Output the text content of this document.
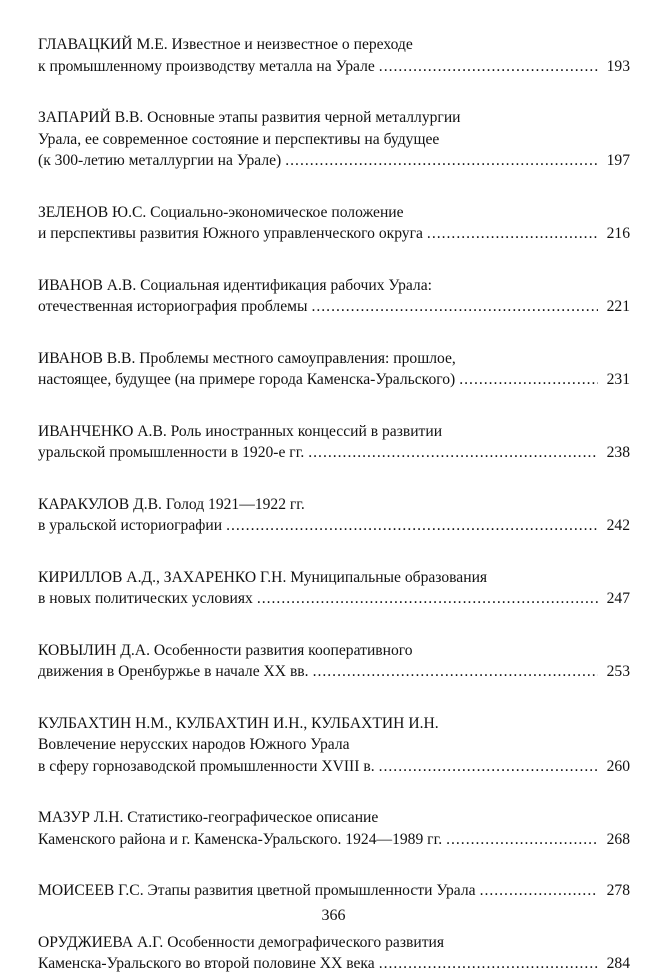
ГЛАВАЦКИЙ М.Е. Известное и неизвестное о переходе
к промышленному производству металла на Урале .....	193
ЗАПАРИЙ В.В. Основные этапы развития черной металлургии
Урала, ее современное состояние и перспективы на будущее
(к 300-летию металлургии на Урале) .....	197
ЗЕЛЕНОВ Ю.С. Социально-экономическое положение
и перспективы развития Южного управленческого округа .....	216
ИВАНОВ А.В. Социальная идентификация рабочих Урала:
отечественная историография проблемы .....	221
ИВАНОВ В.В. Проблемы местного самоуправления: прошлое,
настоящее, будущее (на примере города Каменска-Уральского) .....	231
ИВАНЧЕНКО А.В. Роль иностранных концессий в развитии
уральской промышленности в 1920-е гг. .....	238
КАРАКУЛОВ Д.В. Голод 1921—1922 гг.
в уральской историографии .....	242
КИРИЛЛОВ А.Д., ЗАХАРЕНКО Г.Н. Муниципальные образования
в новых политических условиях .....	247
КОВЫЛИН Д.А. Особенности развития кооперативного
движения в Оренбуржье в начале XX вв. .....	253
КУЛБАХТИН Н.М., КУЛБАХТИН И.Н., КУЛБАХТИН И.Н.
Вовлечение нерусских народов Южного Урала
в сферу горнозаводской промышленности XVIII в. .....	260
МАЗУР Л.Н. Статистико-географическое описание
Каменского района и г. Каменска-Уральского. 1924—1989 гг. .....	268
МОИСЕЕВ Г.С. Этапы развития цветной промышленности Урала .....	278
ОРУДЖИЕВА А.Г. Особенности демографического развития
Каменска-Уральского во второй половине XX века .....	284
366
